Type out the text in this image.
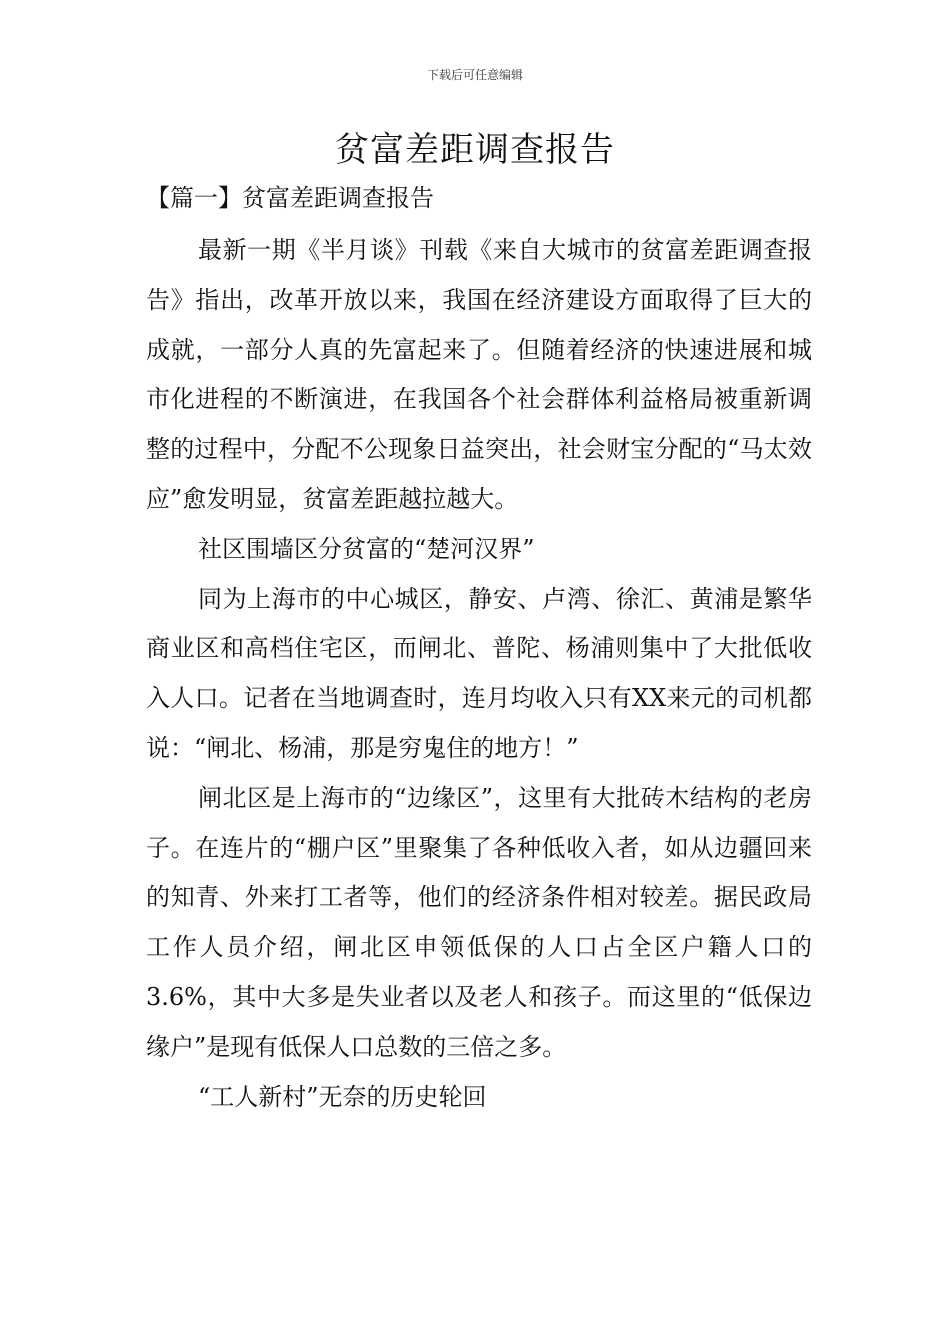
下载后可任意编辑
贫富差距调查报告
【篇一】贫富差距调查报告

最新一期《半月谈》刊载《来自大城市的贫富差距调查报告》指出，改革开放以来，我国在经济建设方面取得了巨大的成就，一部分人真的先富起来了。但随着经济的快速进展和城市化进程的不断演进，在我国各个社会群体利益格局被重新调整的过程中，分配不公现象日益突出，社会财宝分配的“马太效应”愈发明显，贫富差距越拉越大。

社区围墙区分贫富的“楚河汉界”

同为上海市的中心城区，静安、卢湾、徐汇、黄浦是繁华商业区和高档住宅区，而闸北、普陀、杨浦则集中了大批低收入人口。记者在当地调查时，连月均收入只有XX来元的司机都说：“闸北、杨浦，那是穷鬼住的地方！”

闸北区是上海市的“边缘区”，这里有大批砖木结构的老房子。在连片的“棚户区”里聚集了各种低收入者，如从边疆回来的知青、外来打工者等，他们的经济条件相对较差。据民政局工作人员介绍，闸北区申领低保的人口占全区户籍人口的3.6%，其中大多是失业者以及老人和孩子。而这里的“低保边缘户”是现有低保人口总数的三倍之多。

“工人新村”无奈的历史轮回
